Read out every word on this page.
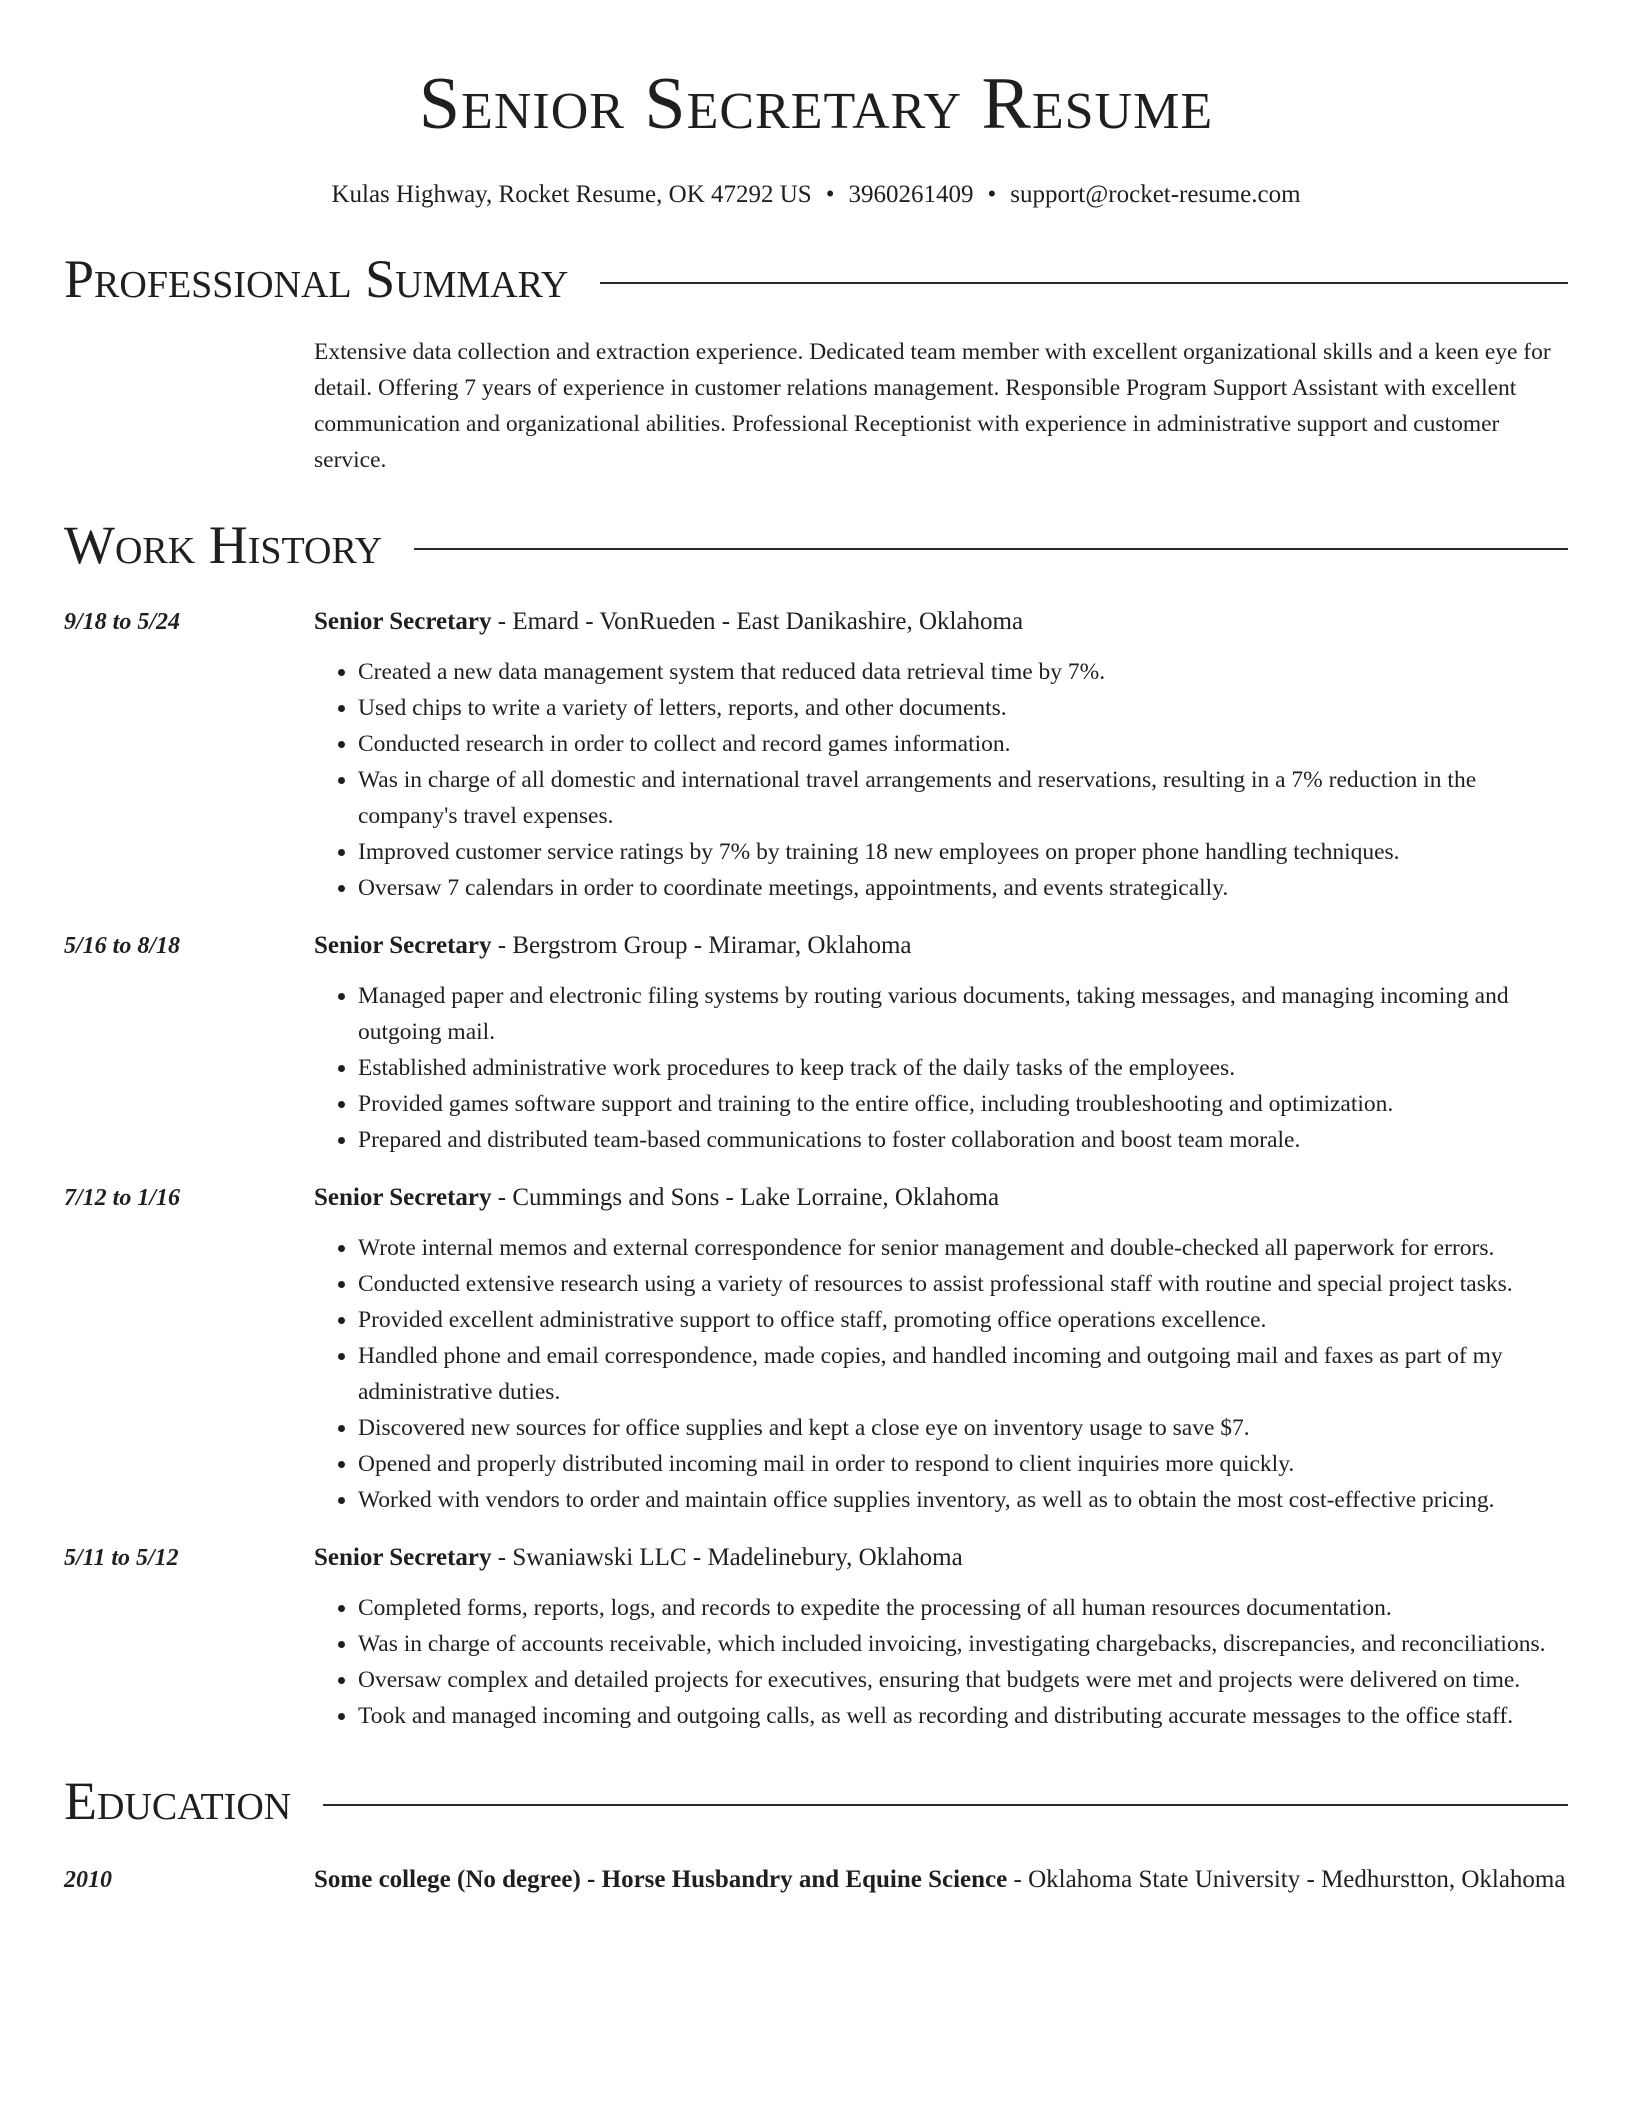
Senior Secretary Resume
Kulas Highway, Rocket Resume, OK 47292 US • 3960261409 • support@rocket-resume.com
Professional Summary
Extensive data collection and extraction experience. Dedicated team member with excellent organizational skills and a keen eye for detail. Offering 7 years of experience in customer relations management. Responsible Program Support Assistant with excellent communication and organizational abilities. Professional Receptionist with experience in administrative support and customer service.
Work History
9/18 to 5/24	Senior Secretary - Emard - VonRueden - East Danikashire, Oklahoma
• Created a new data management system that reduced data retrieval time by 7%.
• Used chips to write a variety of letters, reports, and other documents.
• Conducted research in order to collect and record games information.
• Was in charge of all domestic and international travel arrangements and reservations, resulting in a 7% reduction in the company's travel expenses.
• Improved customer service ratings by 7% by training 18 new employees on proper phone handling techniques.
• Oversaw 7 calendars in order to coordinate meetings, appointments, and events strategically.
5/16 to 8/18	Senior Secretary - Bergstrom Group - Miramar, Oklahoma
• Managed paper and electronic filing systems by routing various documents, taking messages, and managing incoming and outgoing mail.
• Established administrative work procedures to keep track of the daily tasks of the employees.
• Provided games software support and training to the entire office, including troubleshooting and optimization.
• Prepared and distributed team-based communications to foster collaboration and boost team morale.
7/12 to 1/16	Senior Secretary - Cummings and Sons - Lake Lorraine, Oklahoma
• Wrote internal memos and external correspondence for senior management and double-checked all paperwork for errors.
• Conducted extensive research using a variety of resources to assist professional staff with routine and special project tasks.
• Provided excellent administrative support to office staff, promoting office operations excellence.
• Handled phone and email correspondence, made copies, and handled incoming and outgoing mail and faxes as part of my administrative duties.
• Discovered new sources for office supplies and kept a close eye on inventory usage to save $7.
• Opened and properly distributed incoming mail in order to respond to client inquiries more quickly.
• Worked with vendors to order and maintain office supplies inventory, as well as to obtain the most cost-effective pricing.
5/11 to 5/12	Senior Secretary - Swaniawski LLC - Madelinebury, Oklahoma
• Completed forms, reports, logs, and records to expedite the processing of all human resources documentation.
• Was in charge of accounts receivable, which included invoicing, investigating chargebacks, discrepancies, and reconciliations.
• Oversaw complex and detailed projects for executives, ensuring that budgets were met and projects were delivered on time.
• Took and managed incoming and outgoing calls, as well as recording and distributing accurate messages to the office staff.
Education
2010	Some college (No degree) - Horse Husbandry and Equine Science - Oklahoma State University - Medhurstton, Oklahoma
